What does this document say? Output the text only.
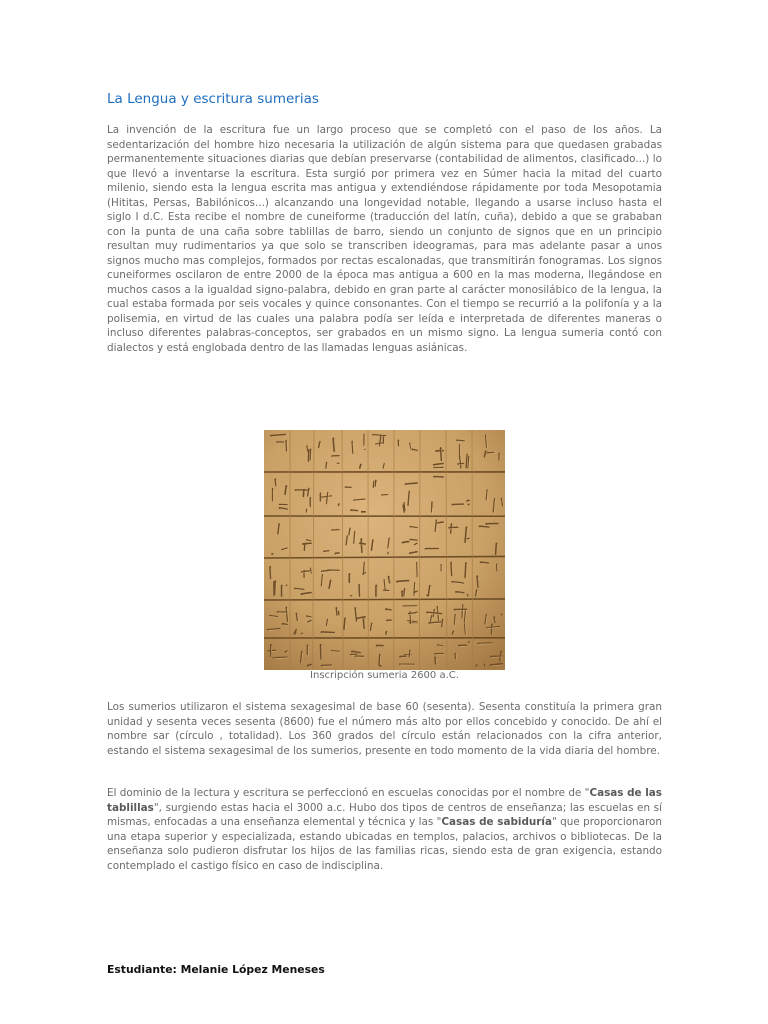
La Lengua y escritura sumerias

La invención de la escritura fue un largo proceso que se completó con el paso de los años. La sedentarización del hombre hizo necesaria la utilización de algún sistema para que quedasen grabadas permanentemente situaciones diarias que debían preservarse (contabilidad de alimentos, clasificado...) lo que llevó a inventarse la escritura. Esta surgió por primera vez en Súmer hacia la mitad del cuarto milenio, siendo esta la lengua escrita mas antigua y extendiéndose rápidamente por toda Mesopotamia (Hititas, Persas, Babilónicos...) alcanzando una longevidad notable, llegando a usarse incluso hasta el siglo I d.C. Esta recibe el nombre de cuneiforme (traducción del latín, cuña), debido a que se grababan con la punta de una caña sobre tablillas de barro, siendo un conjunto de signos que en un principio resultan muy rudimentarios ya que solo se transcriben ideogramas, para mas adelante pasar a unos signos mucho mas complejos, formados por rectas escalonadas, que transmitirán fonogramas. Los signos cuneiformes oscilaron de entre 2000 de la época mas antigua a 600 en la mas moderna, llegándose en muchos casos a la igualdad signo-palabra, debido en gran parte al carácter monosilábico de la lengua, la cual estaba formada por seis vocales y quince consonantes. Con el tiempo se recurrió a la polifonía y a la polisemia, en virtud de las cuales una palabra podía ser leída e interpretada de diferentes maneras o incluso diferentes palabras-conceptos, ser grabados en un mismo signo. La lengua sumeria contó con dialectos y está englobada dentro de las llamadas lenguas asiánicas.

Inscripción sumeria 2600 a.C.

Los sumerios utilizaron el sistema sexagesimal de base 60 (sesenta). Sesenta constituía la primera gran unidad y sesenta veces sesenta (8600) fue el número más alto por ellos concebido y conocido. De ahí el nombre sar (círculo , totalidad). Los 360 grados del círculo están relacionados con la cifra anterior, estando el sistema sexagesimal de los sumerios, presente en todo momento de la vida diaria del hombre.

El dominio de la lectura y escritura se perfeccionó en escuelas conocidas por el nombre de "Casas de las tablillas", surgiendo estas hacia el 3000 a.c. Hubo dos tipos de centros de enseñanza; las escuelas en sí mismas, enfocadas a una enseñanza elemental y técnica y las "Casas de sabiduría" que proporcionaron una etapa superior y especializada, estando ubicadas en templos, palacios, archivos o bibliotecas. De la enseñanza solo pudieron disfrutar los hijos de las familias ricas, siendo esta de gran exigencia, estando contemplado el castigo físico en caso de indisciplina.

Estudiante: Melanie López Meneses
